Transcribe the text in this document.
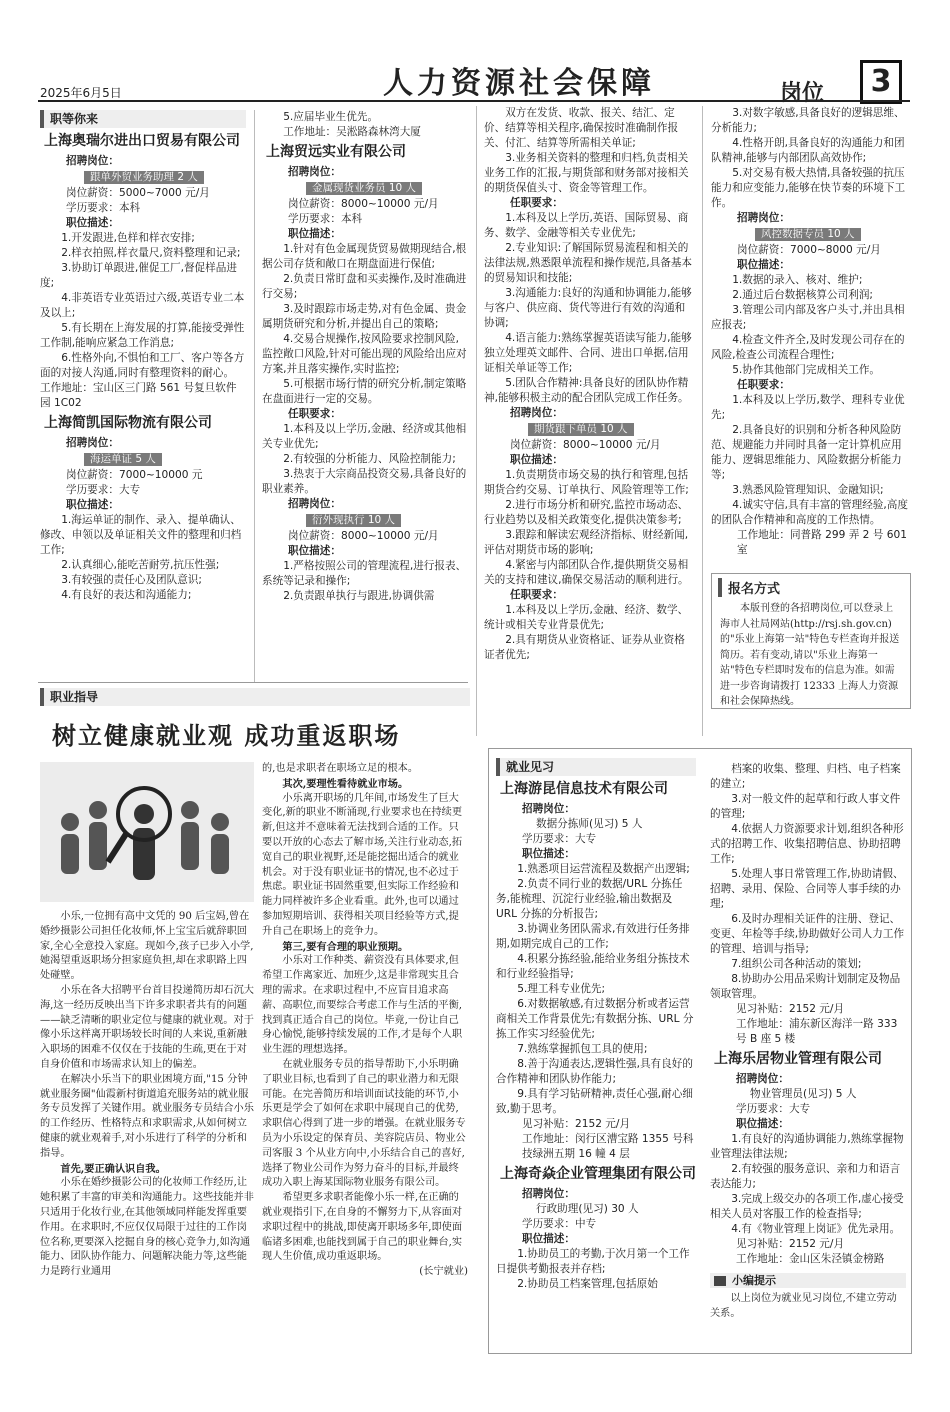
2025年6月5日	人力资源社会保障	岗位	3
职等你来
上海奥瑞尔进出口贸易有限公司

招聘岗位：

跟单外贸业务助理 2 人

岗位薪资：5000~7000 元/月

学历要求：本科

职位描述：

1.开发跟进,色样和样衣安排;

2.样衣拍照,样衣量尺,资料整理和记录;

3.协助订单跟进,催促工厂,督促样品进度;

4.非英语专业英语过六级,英语专业二本及以上;

5.有长期在上海发展的打算,能接受弹性工作制,能响应紧急工作消息;

6.性格外向,不惧怕和工厂、客户等各方面的对接人沟通,同时有整理资料的耐心。

工作地址：宝山区三门路 561 号复旦软件园 1C02

上海简凯国际物流有限公司

招聘岗位：

海运单证 5 人

岗位薪资：7000~10000 元

学历要求：大专

职位描述：

1.海运单证的制作、录入、提单确认、修改、申领以及单证相关文件的整理和归档工作;

2.认真细心,能吃苦耐劳,抗压性强;

3.有较强的责任心及团队意识;

4.有良好的表达和沟通能力;

5.应届毕业生优先。

工作地址：吴淞路森林湾大厦

上海贸远实业有限公司

招聘岗位：

金属现货业务员 10 人

岗位薪资：8000~10000 元/月

学历要求：本科

职位描述：

1.针对有色金属现货贸易做期现结合,根据公司存货和敞口在期盘面进行保值;

2.负责日常盯盘和买卖操作,及时准确进行交易;

3.及时跟踪市场走势,对有色金属、贵金属期货研究和分析,并提出自己的策略;

4.交易合规操作,按风险要求控制风险,监控敞口风险,针对可能出现的风险给出应对方案,并且落实操作,实时监控;

5.可根据市场行情的研究分析,制定策略在盘面进行一定的交易。

任职要求：

1.本科及以上学历,金融、经济或其他相关专业优先;

2.有较强的分析能力、风险控制能力;

3.热衷于大宗商品投资交易,具备良好的职业素养。

招聘岗位：

衍外现执行 10 人

岗位薪资：8000~10000 元/月

职位描述：

1.严格按照公司的管理流程,进行报表、系统等记录和操作;

2.负责跟单执行与跟进,协调供需

双方在发货、收款、报关、结汇、定价、结算等相关程序,确保按时准确制作报关、付汇、结算等所需相关单证;

3.业务相关资料的整理和归档,负责相关业务工作的汇报,与期货部和财务部对接相关的期货保值头寸、资金等管理工作。

任职要求：

1.本科及以上学历,英语、国际贸易、商务、数学、金融等相关专业优先;

2.专业知识:了解国际贸易流程和相关的法律法规,熟悉限单流程和操作规范,具备基本的贸易知识和技能;

3.沟通能力:良好的沟通和协调能力,能够与客户、供应商、货代等进行有效的沟通和协调;

4.语言能力:熟练掌握英语读写能力,能够独立处理英文邮件、合同、进出口单据,信用证相关单证等工作;

5.团队合作精神:具备良好的团队协作精神,能够积极主动的配合团队完成工作任务。

招聘岗位：

期货跟下单员 10 人

岗位薪资：8000~10000 元/月

职位描述：

1.负责期货市场交易的执行和管理,包括期货合约交易、订单执行、风险管理等工作;

2.进行市场分析和研究,监控市场动态、行业趋势以及相关政策变化,提供决策参考;

3.跟踪和解读宏观经济指标、财经新闻,评估对期货市场的影响;

4.紧密与内部团队合作,提供期货交易相关的支持和建议,确保交易活动的顺利进行。

任职要求：

1.本科及以上学历,金融、经济、数学、统计或相关专业背景优先;

2.具有期货从业资格证、证券从业资格证者优先;

3.对数字敏感,具备良好的逻辑思维、分析能力;

4.性格开朗,具备良好的沟通能力和团队精神,能够与内部团队高效协作;

5.对交易有极大热情,具备较强的抗压能力和应变能力,能够在快节奏的环境下工作。

招聘岗位：

风控数据专员 10 人

岗位薪资：7000~8000 元/月

职位描述：

1.数据的录入、核对、维护;

2.通过后台数据核算公司利润;

3.管理公司内部及客户头寸,并出具相应报表;

4.检查文件齐全,及时发现公司存在的风险,检查公司流程合理性;

5.协作其他部门完成相关工作。

任职要求：

1.本科及以上学历,数学、理科专业优先;

2.具备良好的识别和分析各种风险防范、规避能力并同时具备一定计算机应用能力、逻辑思维能力、风险数据分析能力等;

3.熟悉风险管理知识、金融知识;

4.诚实守信,具有丰富的管理经验,高度的团队合作精神和高度的工作热情。

工作地址：同普路 299 弄 2 号 601 室

报名方式

本版刊登的各招聘岗位,可以登录上海市人社局网站(http://rsj.sh.gov.cn)的"乐业上海第一站"特色专栏查询并报送简历。若有变动,请以"乐业上海第一站"特色专栏即时发布的信息为准。如需进一步咨询请拨打 12333 上海人力资源和社会保障热线。

职业指导
树立健康就业观 成功重返职场

小乐,一位拥有高中文凭的 90 后宝妈,曾在婚纱摄影公司担任化妆师,怀上宝宝后就辞职回家,全心全意投入家庭。现如今,孩子已步入小学,她渴望重返职场分担家庭负担,却在求职路上四处碰壁。

小乐在各大招聘平台首目投递简历却石沉大海,这一经历反映出当下许多求职者共有的问题——缺乏清晰的职业定位与健康的就业观。对于像小乐这样离开职场较长时间的人来说,重新融入职场的困难不仅仅在于技能的生疏,更在于对自身价值和市场需求认知上的偏差。

在解决小乐当下的职业困境方面,"15 分钟就业服务圈"仙霞新村街道追充服务站的就业服务专员发挥了关键作用。就业服务专员结合小乐的工作经历、性格特点和求职需求,从如何树立健康的就业观着手,对小乐进行了科学的分析和指导。

首先,要正确认识自我。

小乐在婚纱摄影公司的化妆师工作经历,让她积累了丰富的审美和沟通能力。这些技能并非只适用于化妆行业,在其他领域同样能发挥重要作用。在求职时,不应仅仅局限于过往的工作岗位名称,更要深入挖掘自身的核心竞争力,如沟通能力、团队协作能力、问题解决能力等,这些能力是跨行业通用

的,也是求职者在职场立足的根本。

其次,要理性看待就业市场。

小乐离开职场的几年间,市场发生了巨大变化,新的职业不断涌现,行业要求也在持续更新,但这并不意味着无法找到合适的工作。只要以开放的心态去了解市场,关注行业动态,拓宽自己的职业视野,还是能挖掘出适合的就业机会。对于没有职业证书的情况,也不必过于焦虑。职业证书固然重要,但实际工作经验和能力同样被许多企业看重。此外,也可以通过参加短期培训、获得相关项目经验等方式,提升自己在职场上的竞争力。

第三,要有合理的职业预期。

小乐对工作种类、薪资没有具体要求,但希望工作离家近、加班少,这是非常现实且合理的需求。在求职过程中,不应盲目追求高薪、高职位,而要综合考虑工作与生活的平衡,找到真正适合自己的岗位。毕竟,一份让自己身心愉悦,能够持续发展的工作,才是每个人职业生涯的理想选择。

在就业服务专员的指导帮助下,小乐明确了职业目标,也看到了自己的职业潜力和无限可能。在完善简历和培训面试技能的环节,小乐更是学会了如何在求职中展现自己的优势,求职信心得到了进一步的增强。在就业服务专员为小乐设定的保育员、美容院店员、物业公司客服 3 个从业方向中,小乐结合自己的喜好,选择了物业公司作为努力奋斗的目标,并最终成功入职上海某国际物业服务有限公司。

希望更多求职者能像小乐一样,在正确的就业观指引下,在自身的不懈努力下,从容面对求职过程中的挑战,即使离开职场多年,即使面临诸多困难,也能找到属于自己的职业舞台,实现人生价值,成功重返职场。

(长宁就业)

就业见习
上海游昆信息技术有限公司

招聘岗位：

数据分拣师(见习) 5 人

学历要求：大专

职位描述：

1.熟悉项目运营流程及数据产出逻辑;

2.负责不同行业的数据/URL 分拣任务,能梳理、沉淀行业经验,输出数据及 URL 分拣的分析报告;

3.协调业务团队需求,有效进行任务排期,如期完成自己的工作;

4.积累分拣经验,能给业务组分拣技术和行业经验指导;

5.理工科专业优先;

6.对数据敏感,有过数据分析或者运营商相关工作背景优先;有数据分拣、URL 分拣工作实习经验优先;

7.熟练掌握抓包工具的使用;

8.善于沟通表达,逻辑性强,具有良好的合作精神和团队协作能力;

9.具有学习钻研精神,责任心强,耐心细致,勤于思考。

见习补贴：2152 元/月

工作地址：闵行区漕宝路 1355 号科技绿洲五期 16 幢 4 层

上海奇焱企业管理集团有限公司

招聘岗位：

行政助理(见习) 30 人

学历要求：中专

职位描述：

1.协助员工的考勤,于次月第一个工作日提供考勤报表并存档;

2.协助员工档案管理,包括原始

档案的收集、整理、归档、电子档案的建立;

3.对一般文件的起草和行政人事文件的管理;

4.依据人力资源要求计划,组织各种形式的招聘工作、收集招聘信息、协助招聘工作;

5.处理人事日常管理工作,协助请假、招聘、录用、保险、合同等人事手续的办理;

6.及时办理相关证件的注册、登记、变更、年检等手续,协助做好公司人力工作的管理、培训与指导;

7.组织公司各种活动的策划;

8.协助办公用品采购计划制定及物品领取管理。

见习补贴：2152 元/月

工作地址：浦东新区海洋一路 333 号 B 座 5 楼

上海乐居物业管理有限公司

招聘岗位：

物业管理员(见习) 5 人

学历要求：大专

职位描述：

1.有良好的沟通协调能力,熟练掌握物业管理法律法规;

2.有较强的服务意识、亲和力和语言表达能力;

3.完成上级交办的各项工作,虚心接受相关人员对客服工作的检查指导;

4.有《物业管理上岗证》优先录用。

见习补贴：2152 元/月

工作地址：金山区朱泾镇金榜路

小编提示

以上岗位为就业见习岗位,不建立劳动关系。
